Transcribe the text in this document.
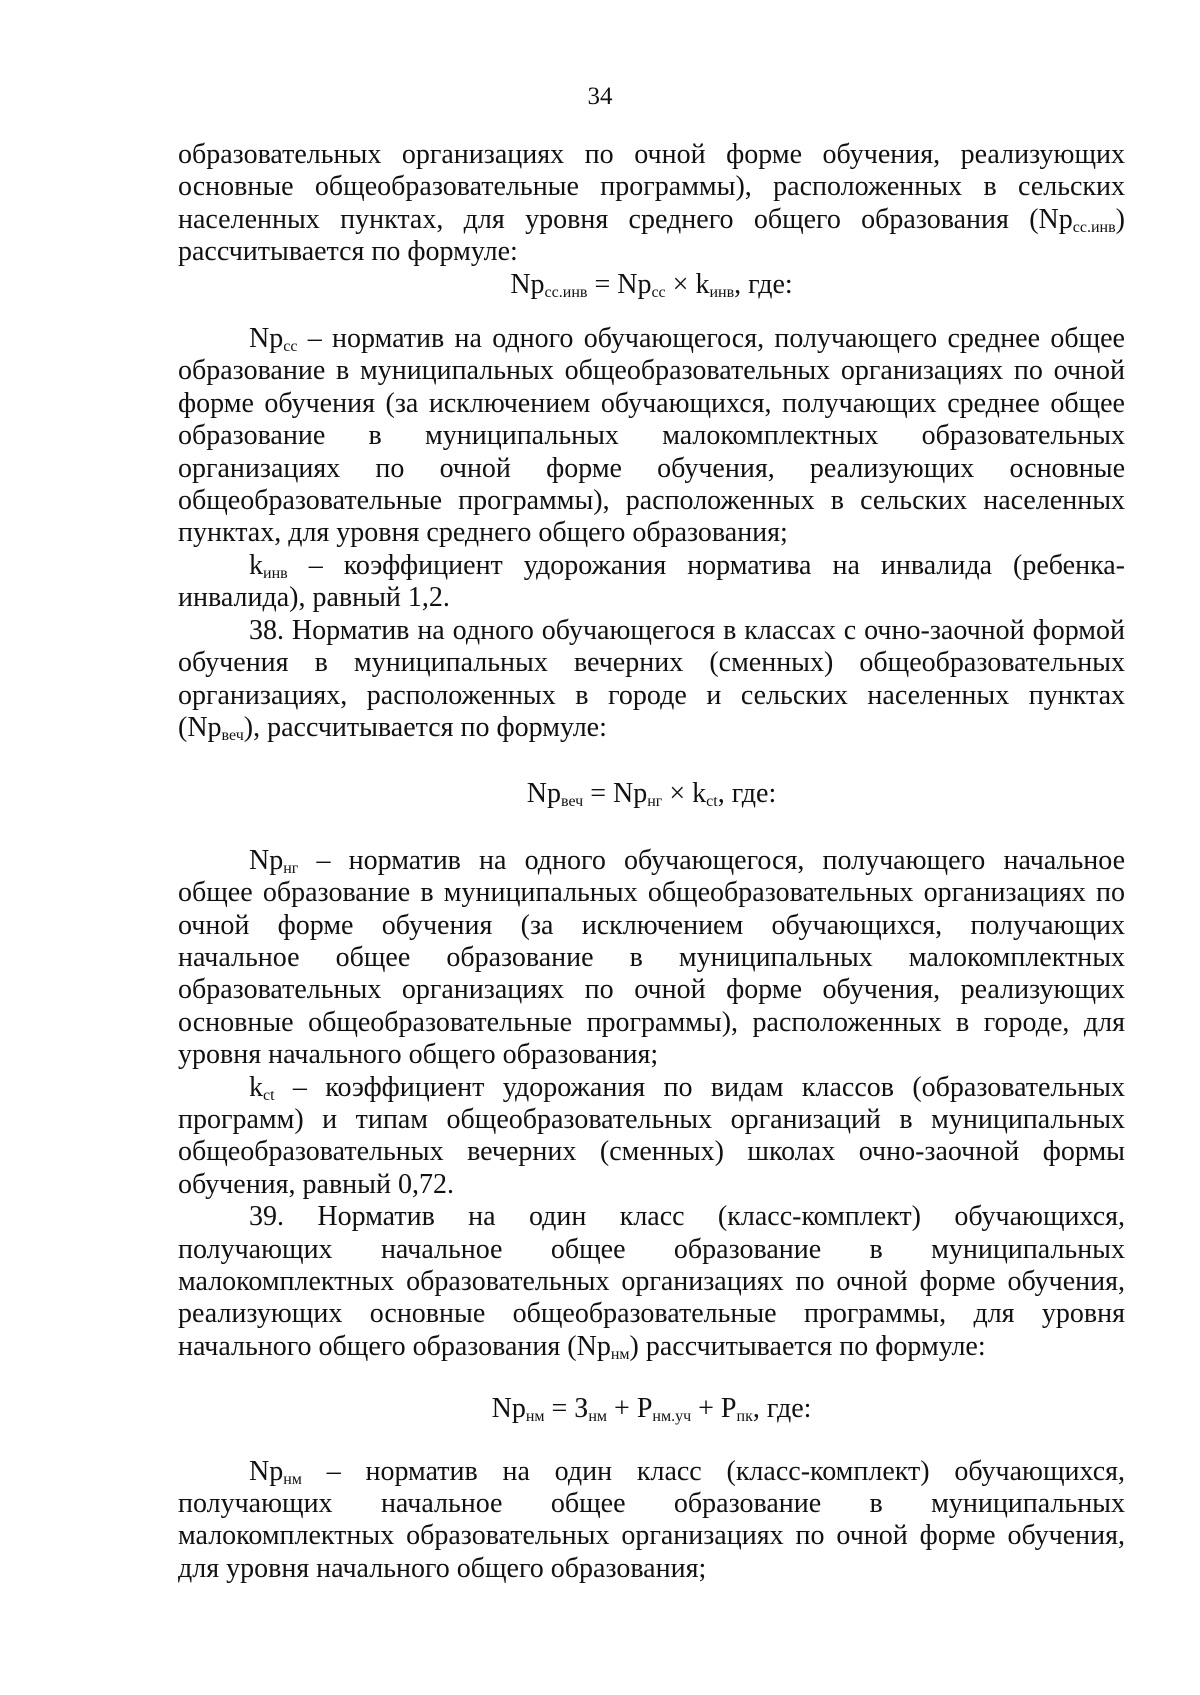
34

образовательных организациях по очной форме обучения, реализующих основные общеобразовательные программы), расположенных в сельских населенных пунктах, для уровня среднего общего образования $(Np_{сс.инв})$ рассчитывается по формуле:

$Np_{сс.инв} = Np_{сс} \times k_{инв}$, где:

$Np_{сс}$ – норматив на одного обучающегося, получающего среднее общее образование в муниципальных общеобразовательных организациях по очной форме обучения (за исключением обучающихся, получающих среднее общее образование в муниципальных малокомплектных образовательных организациях по очной форме обучения, реализующих основные общеобразовательные программы), расположенных в сельских населенных пунктах, для уровня среднего общего образования;

$k_{инв}$ – коэффициент удорожания норматива на инвалида (ребенка-инвалида), равный 1,2.

38. Норматив на одного обучающегося в классах с очно-заочной формой обучения в муниципальных вечерних (сменных) общеобразовательных организациях, расположенных в городе и сельских населенных пунктах $(Np_{веч})$, рассчитывается по формуле:

$Np_{веч} = Np_{нг} \times k_{ct}$, где:

$Np_{нг}$ – норматив на одного обучающегося, получающего начальное общее образование в муниципальных общеобразовательных организациях по очной форме обучения (за исключением обучающихся, получающих начальное общее образование в муниципальных малокомплектных образовательных организациях по очной форме обучения, реализующих основные общеобразовательные программы), расположенных в городе, для уровня начального общего образования;

$k_{ct}$ – коэффициент удорожания по видам классов (образовательных программ) и типам общеобразовательных организаций в муниципальных общеобразовательных вечерних (сменных) школах очно-заочной формы обучения, равный 0,72.

39. Норматив на один класс (класс-комплект) обучающихся, получающих начальное общее образование в муниципальных малокомплектных образовательных организациях по очной форме обучения, реализующих основные общеобразовательные программы, для уровня начального общего образования $(Np_{нм})$ рассчитывается по формуле:

$Np_{нм} = З_{нм} + P_{нм.уч} + P_{пк}$, где:

$Np_{нм}$ – норматив на один класс (класс-комплект) обучающихся, получающих начальное общее образование в муниципальных малокомплектных образовательных организациях по очной форме обучения, для уровня начального общего образования;
